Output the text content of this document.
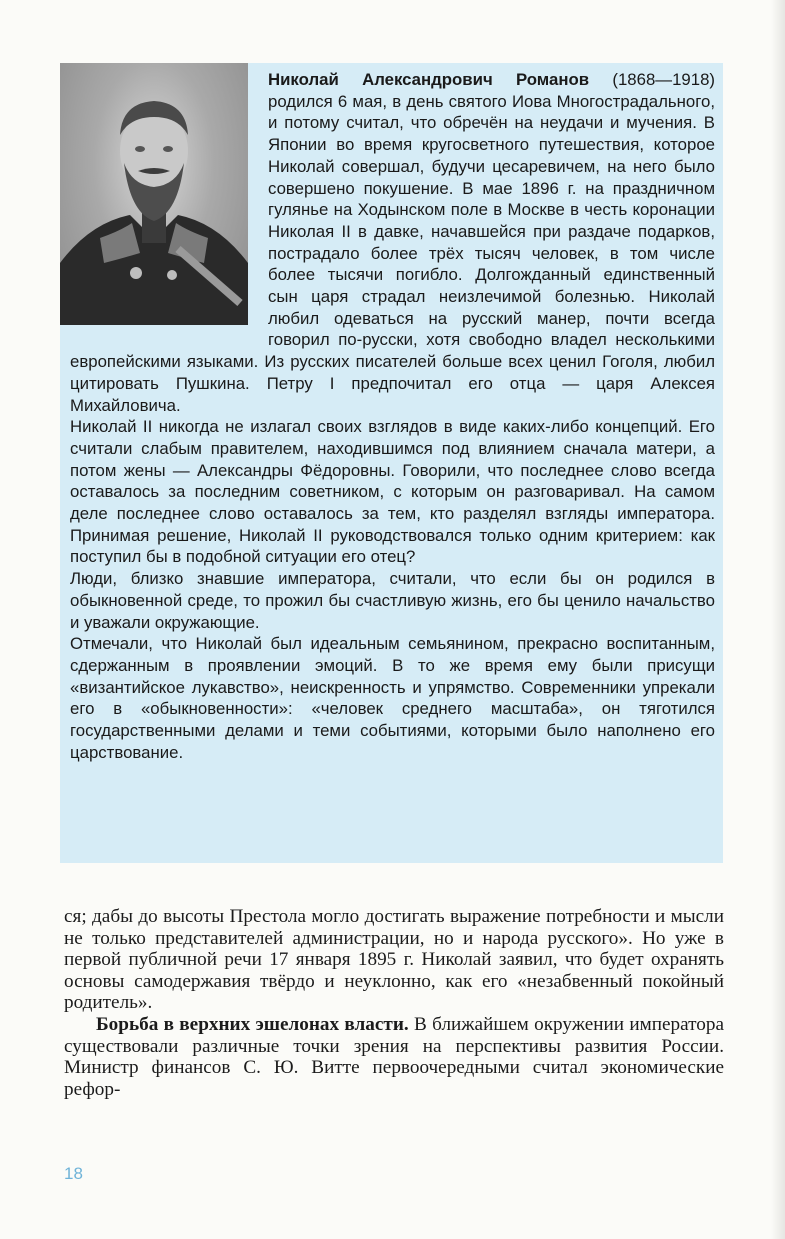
Николай Александрович Романов (1868—1918) родился 6 мая, в день святого Иова Многострадального, и потому считал, что обречён на неудачи и мучения. В Японии во время кругосветного путешествия, которое Николай совершал, будучи цесаревичем, на него было совершено покушение. В мае 1896 г. на праздничном гулянье на Ходынском поле в Москве в честь коронации Николая II в давке, начавшейся при раздаче подарков, пострадало более трёх тысяч человек, в том числе более тысячи погибло. Долгожданный единственный сын царя страдал неизлечимой болезнью. Николай любил одеваться на русский манер, почти всегда говорил по-русски, хотя свободно владел несколькими европейскими языками. Из русских писателей больше всех ценил Гоголя, любил цитировать Пушкина. Петру I предпочитал его отца — царя Алексея Михайловича.

Николай II никогда не излагал своих взглядов в виде каких-либо концепций. Его считали слабым правителем, находившимся под влиянием сначала матери, а потом жены — Александры Фёдоровны. Говорили, что последнее слово всегда оставалось за последним советником, с которым он разговаривал. На самом деле последнее слово оставалось за тем, кто разделял взгляды императора. Принимая решение, Николай II руководствовался только одним критерием: как поступил бы в подобной ситуации его отец?

Люди, близко знавшие императора, считали, что если бы он родился в обыкновенной среде, то прожил бы счастливую жизнь, его бы ценило начальство и уважали окружающие.

Отмечали, что Николай был идеальным семьянином, прекрасно воспитанным, сдержанным в проявлении эмоций. В то же время ему были присущи «византийское лукавство», неискренность и упрямство. Современники упрекали его в «обыкновенности»: «человек среднего масштаба», он тяготился государственными делами и теми событиями, которыми было наполнено его царствование.

ся; дабы до высоты Престола могло достигать выражение потребности и мысли не только представителей администрации, но и народа русского». Но уже в первой публичной речи 17 января 1895 г. Николай заявил, что будет охранять основы самодержавия твёрдо и неуклонно, как его «незабвенный покойный родитель».

Борьба в верхних эшелонах власти. В ближайшем окружении императора существовали различные точки зрения на перспективы развития России. Министр финансов С. Ю. Витте первоочередными считал экономические рефор-

18
